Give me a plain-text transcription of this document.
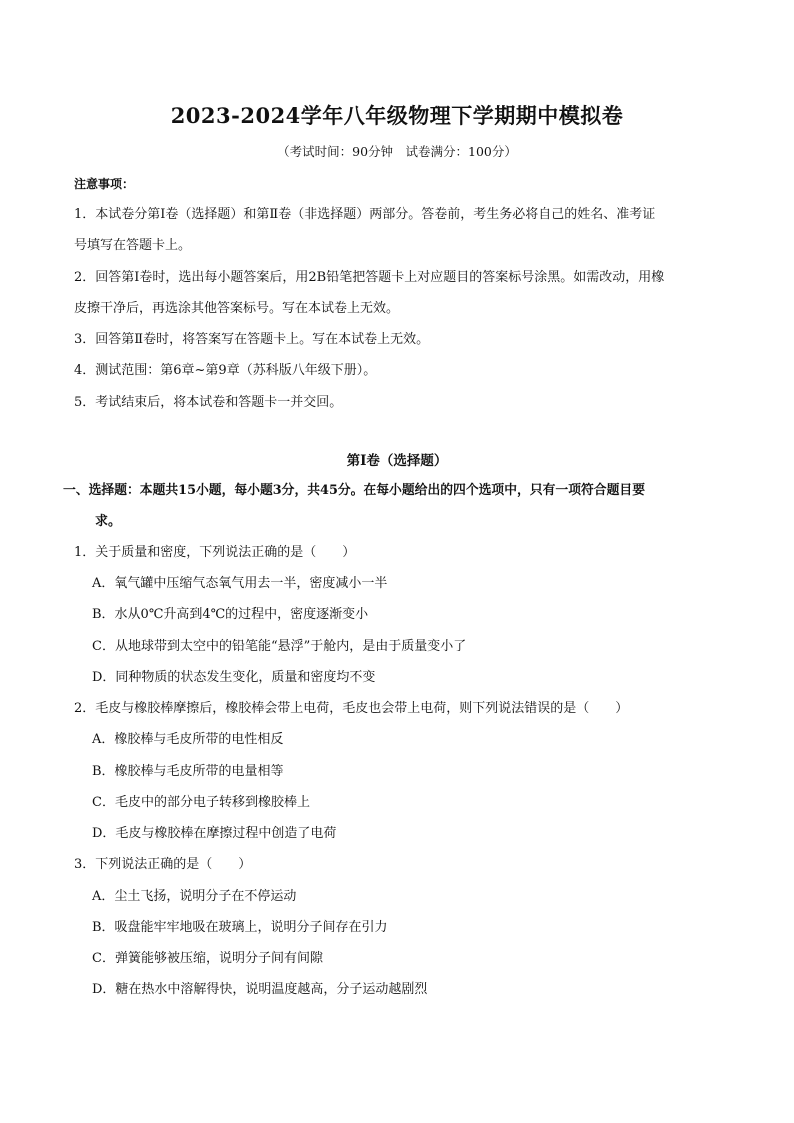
2023-2024学年八年级物理下学期期中模拟卷
（考试时间：90分钟　试卷满分：100分）
注意事项：
1．本试卷分第Ⅰ卷（选择题）和第Ⅱ卷（非选择题）两部分。答卷前，考生务必将自己的姓名、准考证
号填写在答题卡上。
2．回答第Ⅰ卷时，选出每小题答案后，用2B铅笔把答题卡上对应题目的答案标号涂黑。如需改动，用橡
皮擦干净后，再选涂其他答案标号。写在本试卷上无效。
3．回答第Ⅱ卷时，将答案写在答题卡上。写在本试卷上无效。
4．测试范围：第6章~第9章（苏科版八年级下册）。
5．考试结束后，将本试卷和答题卡一并交回。
第Ⅰ卷（选择题）
一、选择题：本题共15小题，每小题3分，共45分。在每小题给出的四个选项中，只有一项符合题目要
求。
1．关于质量和密度，下列说法正确的是（　　）
A．氧气罐中压缩气态氧气用去一半，密度减小一半
B．水从0℃升高到4℃的过程中，密度逐渐变小
C．从地球带到太空中的铅笔能“悬浮”于舱内，是由于质量变小了
D．同种物质的状态发生变化，质量和密度均不变
2．毛皮与橡胶棒摩擦后，橡胶棒会带上电荷，毛皮也会带上电荷，则下列说法错误的是（　　）
A．橡胶棒与毛皮所带的电性相反
B．橡胶棒与毛皮所带的电量相等
C．毛皮中的部分电子转移到橡胶棒上
D．毛皮与橡胶棒在摩擦过程中创造了电荷
3．下列说法正确的是（　　）
A．尘土飞扬，说明分子在不停运动
B．吸盘能牢牢地吸在玻璃上，说明分子间存在引力
C．弹簧能够被压缩，说明分子间有间隙
D．糖在热水中溶解得快，说明温度越高，分子运动越剧烈
